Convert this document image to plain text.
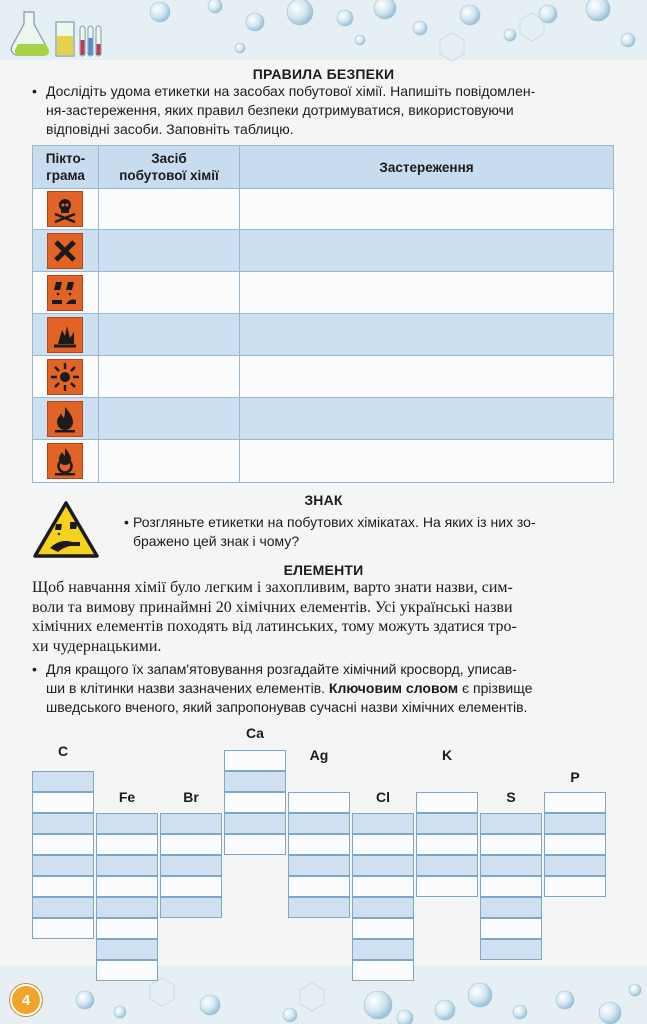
ПРАВИЛА БЕЗПЕКИ
• Дослідіть удома етикетки на засобах побутової хімії. Напишіть повідомлен-
ня-застереження, яких правил безпеки дотримуватися, використовуючи
відповідні засоби. Заповніть таблицю.
Пікто-
грама
Засіб
побутової хімії
Застереження
ЗНАК
• Розгляньте етикетки на побутових хімікатах. На яких із них зо-
бражено цей знак і чому?
ЕЛЕМЕНТИ
Щоб навчання хімії було легким і захопливим, варто знати назви, сим-
воли та вимову принаймні 20 хімічних елементів. Усі українські назви
хімічних елементів походять від латинських, тому можуть здатися тро-
хи чудернацькими.
• Для кращого їх запам'ятовування розгадайте хімічний кросворд, уписав-
ши в клітинки назви зазначених елементів. Ключовим словом є прізвище
шведського вченого, який запропонував сучасні назви хімічних елементів.
C
Fe	Br
Ca
Ag
Cl
K
S
P
4
